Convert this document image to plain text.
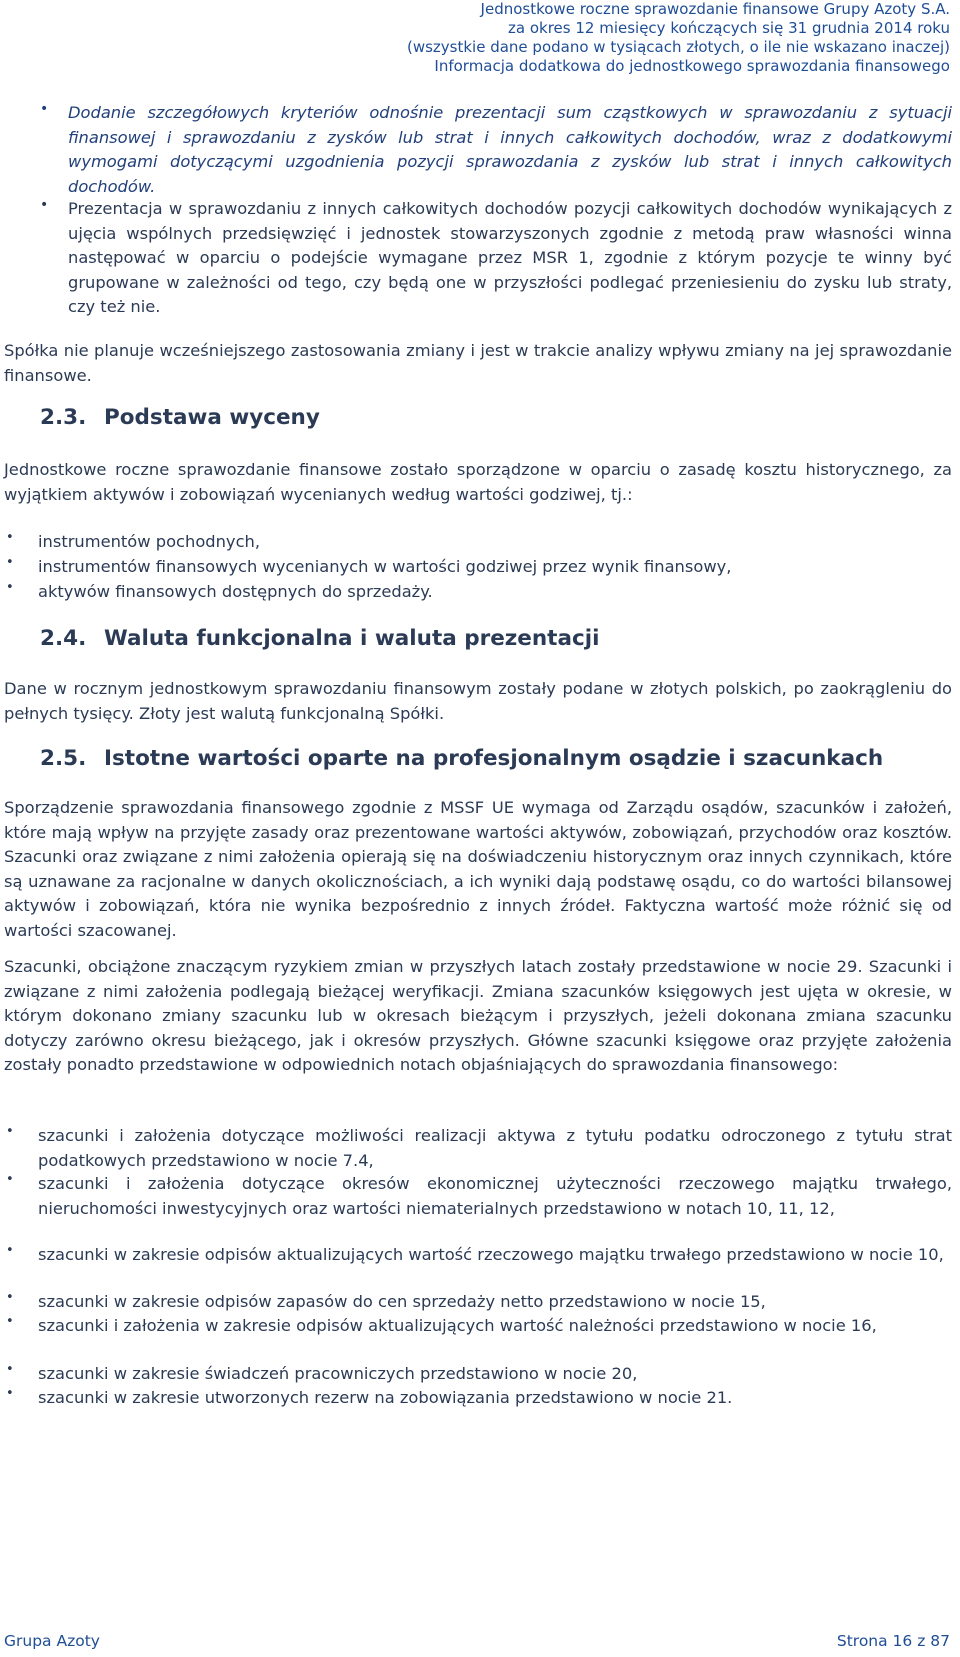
Jednostkowe roczne sprawozdanie finansowe Grupy Azoty S.A.
za okres 12 miesięcy kończących się 31 grudnia 2014 roku
(wszystkie dane podano w tysiącach złotych, o ile nie wskazano inaczej)
Informacja dodatkowa do jednostkowego sprawozdania finansowego
• Dodanie szczegółowych kryteriów odnośnie prezentacji sum cząstkowych w sprawozdaniu z sytuacji finansowej i sprawozdaniu z zysków lub strat i innych całkowitych dochodów, wraz z dodatkowymi wymogami dotyczącymi uzgodnienia pozycji sprawozdania z zysków lub strat i innych całkowitych dochodów.
• Prezentacja w sprawozdaniu z innych całkowitych dochodów pozycji całkowitych dochodów wynikających z ujęcia wspólnych przedsięwzięć i jednostek stowarzyszonych zgodnie z metodą praw własności winna następować w oparciu o podejście wymagane przez MSR 1, zgodnie z którym pozycje te winny być grupowane w zależności od tego, czy będą one w przyszłości podlegać przeniesieniu do zysku lub straty, czy też nie.
Spółka nie planuje wcześniejszego zastosowania zmiany i jest w trakcie analizy wpływu zmiany na jej sprawozdanie finansowe.
2.3. Podstawa wyceny
Jednostkowe roczne sprawozdanie finansowe zostało sporządzone w oparciu o zasadę kosztu historycznego, za wyjątkiem aktywów i zobowiązań wycenianych według wartości godziwej, tj.:
• instrumentów pochodnych,
• instrumentów finansowych wycenianych w wartości godziwej przez wynik finansowy,
• aktywów finansowych dostępnych do sprzedaży.
2.4. Waluta funkcjonalna i waluta prezentacji
Dane w rocznym jednostkowym sprawozdaniu finansowym zostały podane w złotych polskich, po zaokrągleniu do pełnych tysięcy. Złoty jest walutą funkcjonalną Spółki.
2.5. Istotne wartości oparte na profesjonalnym osądzie i szacunkach
Sporządzenie sprawozdania finansowego zgodnie z MSSF UE wymaga od Zarządu osądów, szacunków i założeń, które mają wpływ na przyjęte zasady oraz prezentowane wartości aktywów, zobowiązań, przychodów oraz kosztów. Szacunki oraz związane z nimi założenia opierają się na doświadczeniu historycznym oraz innych czynnikach, które są uznawane za racjonalne w danych okolicznościach, a ich wyniki dają podstawę osądu, co do wartości bilansowej aktywów i zobowiązań, która nie wynika bezpośrednio z innych źródeł. Faktyczna wartość może różnić się od wartości szacowanej.
Szacunki, obciążone znaczącym ryzykiem zmian w przyszłych latach zostały przedstawione w nocie 29. Szacunki i związane z nimi założenia podlegają bieżącej weryfikacji. Zmiana szacunków księgowych jest ujęta w okresie, w którym dokonano zmiany szacunku lub w okresach bieżącym i przyszłych, jeżeli dokonana zmiana szacunku dotyczy zarówno okresu bieżącego, jak i okresów przyszłych. Główne szacunki księgowe oraz przyjęte założenia zostały ponadto przedstawione w odpowiednich notach objaśniających do sprawozdania finansowego:
• szacunki i założenia dotyczące możliwości realizacji aktywa z tytułu podatku odroczonego z tytułu strat podatkowych przedstawiono w nocie 7.4,
• szacunki i założenia dotyczące okresów ekonomicznej użyteczności rzeczowego majątku trwałego, nieruchomości inwestycyjnych oraz wartości niematerialnych przedstawiono w notach 10, 11, 12,
• szacunki w zakresie odpisów aktualizujących wartość rzeczowego majątku trwałego przedstawiono w nocie 10,
• szacunki w zakresie odpisów zapasów do cen sprzedaży netto przedstawiono w nocie 15,
• szacunki i założenia w zakresie odpisów aktualizujących wartość należności przedstawiono w nocie 16,
• szacunki w zakresie świadczeń pracowniczych przedstawiono w nocie 20,
• szacunki w zakresie utworzonych rezerw na zobowiązania przedstawiono w nocie 21.
Grupa Azoty	Strona 16 z 87
